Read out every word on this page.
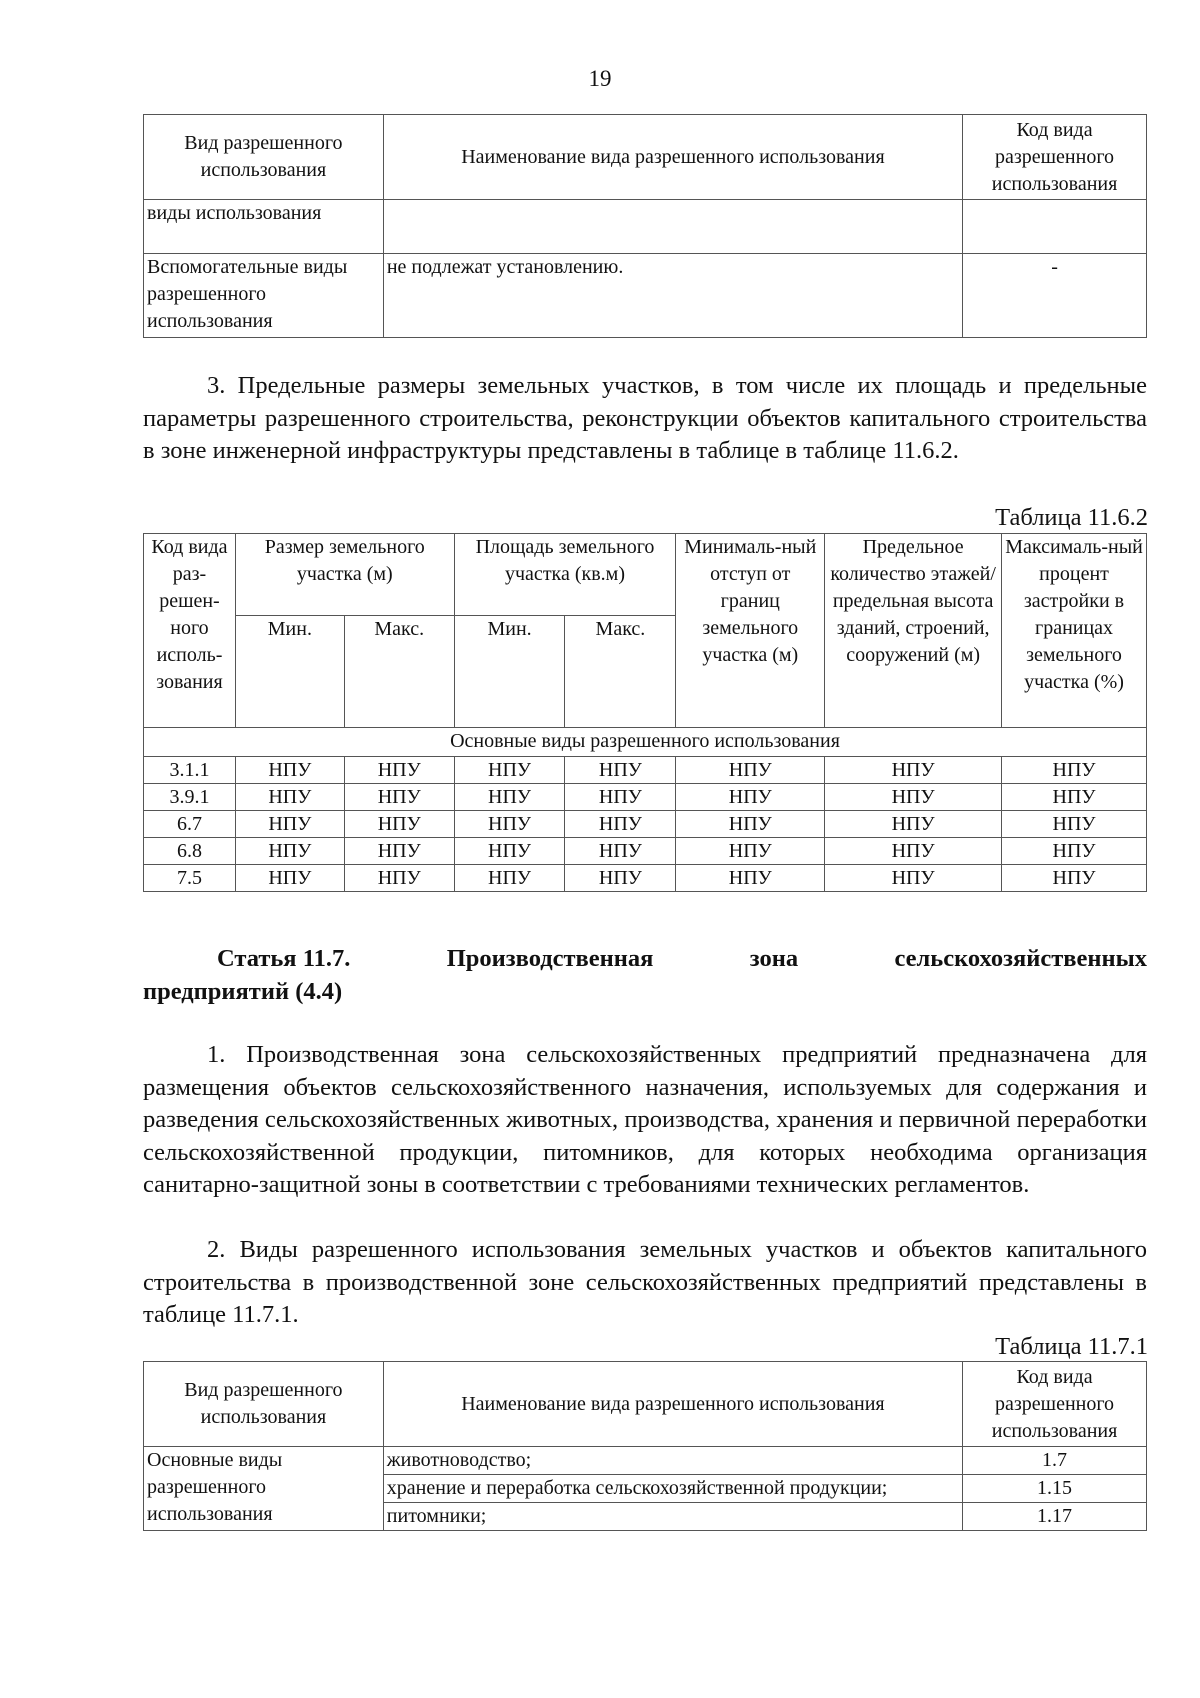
19
Вид разрешенного использования	Наименование вида разрешенного использования	Код вида разрешенного использования
виды использования		
Вспомогательные виды разрешенного использования	не подлежат установлению.	-

3. Предельные размеры земельных участков, в том числе их площадь и предельные параметры разрешенного строительства, реконструкции объектов капитального строительства в зоне инженерной инфраструктуры представлены в таблице в таблице 11.6.2.

Таблица 11.6.2
Код вида раз-решен-ного исполь-зования	Размер земельного участка (м)		Площадь земельного участка (кв.м)		Минималь-ный отступ от границ земельного участка (м)	Предельное количество этажей/ предельная высота зданий, строений, сооружений (м)	Максималь-ный процент застройки в границах земельного участка (%)
	Мин.	Макс.	Мин.	Макс.			
Основные виды разрешенного использования							
3.1.1	НПУ	НПУ	НПУ	НПУ	НПУ	НПУ	НПУ
3.9.1	НПУ	НПУ	НПУ	НПУ	НПУ	НПУ	НПУ
6.7	НПУ	НПУ	НПУ	НПУ	НПУ	НПУ	НПУ
6.8	НПУ	НПУ	НПУ	НПУ	НПУ	НПУ	НПУ
7.5	НПУ	НПУ	НПУ	НПУ	НПУ	НПУ	НПУ
Статья 11.7.	Производственная	зона	сельскохозяйственных
предприятий (4.4)

1. Производственная зона сельскохозяйственных предприятий предназначена для размещения объектов сельскохозяйственного назначения, используемых для содержания и разведения сельскохозяйственных животных, производства, хранения и первичной переработки сельскохозяйственной продукции, питомников, для которых необходима организация санитарно-защитной зоны в соответствии с требованиями технических регламентов.

2. Виды разрешенного использования земельных участков и объектов капитального строительства в производственной зоне сельскохозяйственных предприятий представлены в таблице 11.7.1.

Таблица 11.7.1
Вид разрешенного использования	Наименование вида разрешенного использования	Код вида разрешенного использования
Основные виды разрешенного использования	животноводство;	1.7
	хранение и переработка сельскохозяйственной продукции;	1.15
	питомники;	1.17
